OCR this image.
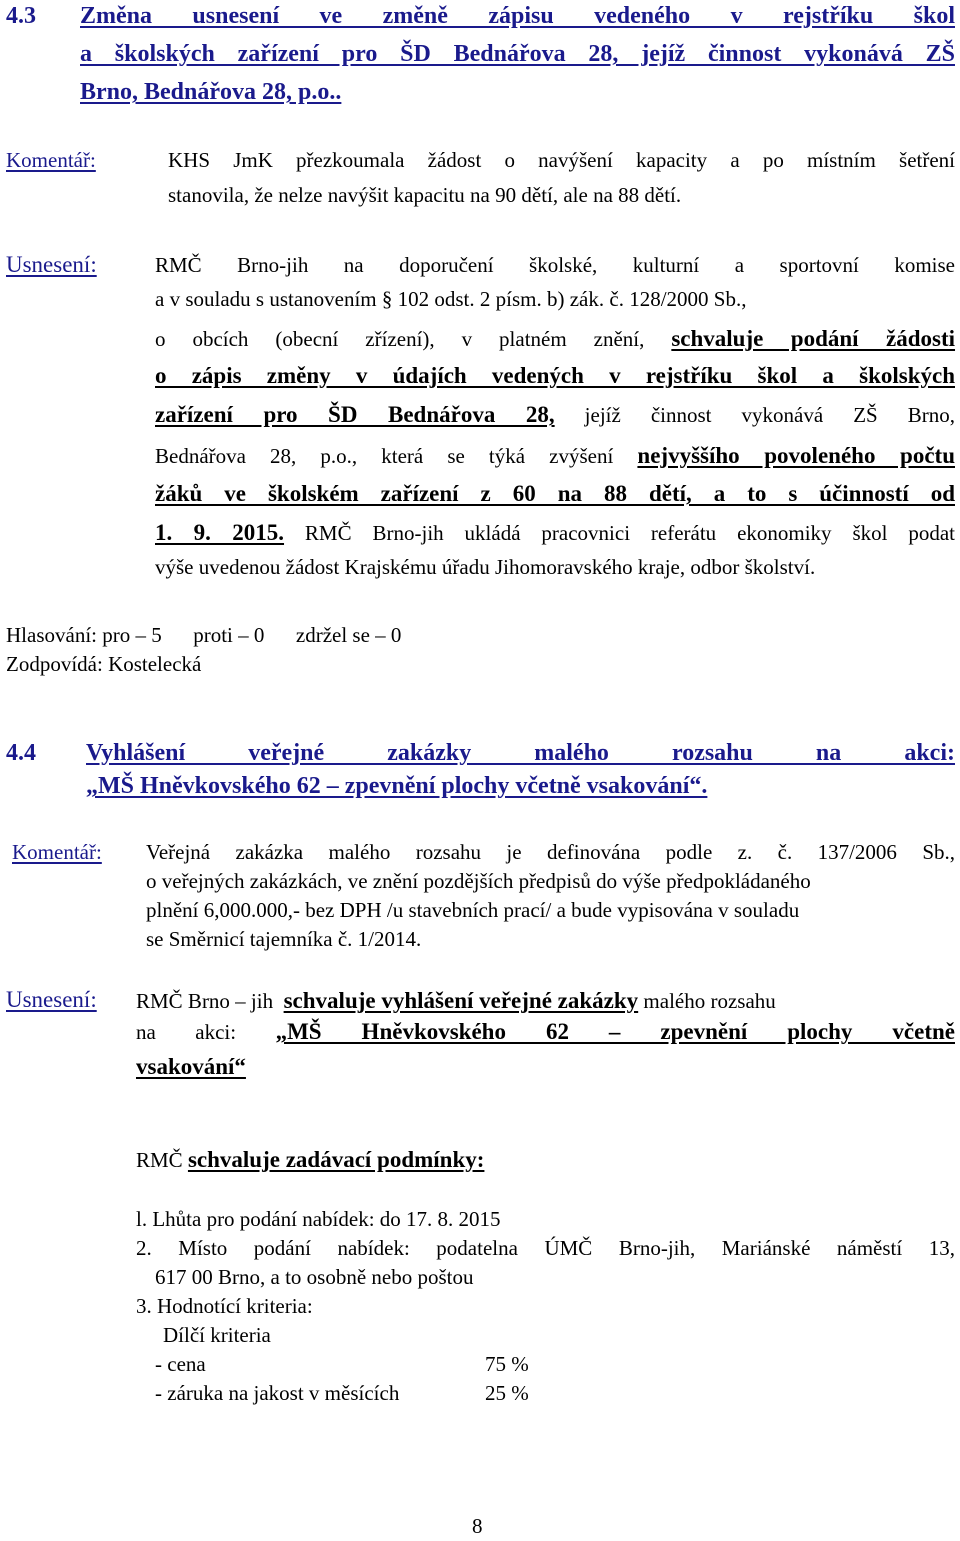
4.3 Změna usnesení ve změně zápisu vedeného v rejstříku škol
a školských zařízení pro ŠD Bednářova 28, jejíž činnost vykonává ZŠ
Brno, Bednářova 28, p.o..
Komentář:	KHS JmK přezkoumala žádost o navýšení kapacity a po místním šetření
stanovila, že nelze navýšit kapacitu na 90 dětí, ale na 88 dětí.
Usnesení:	RMČ Brno-jih na doporučení školské, kulturní a sportovní komise
a v souladu s ustanovením § 102 odst. 2 písm. b) zák. č. 128/2000 Sb.,
o obcích (obecní zřízení), v platném znění, schvaluje podání žádosti
o zápis změny v údajích vedených v rejstříku škol a školských
zařízení pro ŠD Bednářova 28, jejíž činnost vykonává ZŠ Brno,
Bednářova 28, p.o., která se týká zvýšení nejvyššího povoleného počtu
žáků ve školském zařízení z 60 na 88 dětí, a to s účinností od
1. 9. 2015. RMČ Brno-jih ukládá pracovnici referátu ekonomiky škol podat
výše uvedenou žádost Krajskému úřadu Jihomoravského kraje, odbor školství.
Hlasování: pro – 5      proti – 0      zdržel se – 0
Zodpovídá: Kostelecká
4.4 Vyhlášení veřejné zakázky malého rozsahu na akci:
„MŠ Hněvkovského 62 – zpevnění plochy včetně vsakování“.
Komentář: Veřejná zakázka malého rozsahu je definována podle z. č. 137/2006 Sb.,
o veřejných zakázkách, ve znění pozdějších předpisů do výše předpokládaného
plnění 6,000.000,- bez DPH /u stavebních prací/ a bude vypisována v souladu
se Směrnicí tajemníka č. 1/2014.
Usnesení: RMČ Brno – jih  schvaluje vyhlášení veřejné zakázky malého rozsahu
na akci: „MŠ Hněvkovského 62 – zpevnění plochy včetně
vsakování“
RMČ schvaluje zadávací podmínky:
l. Lhůta pro podání nabídek: do 17. 8. 2015
2. Místo podání nabídek: podatelna ÚMČ Brno-jih, Mariánské náměstí 13,
617 00 Brno, a to osobně nebo poštou
3. Hodnotící kriteria:
Dílčí kriteria
- cena	75 %
- záruka na jakost v měsících	25 %
8
